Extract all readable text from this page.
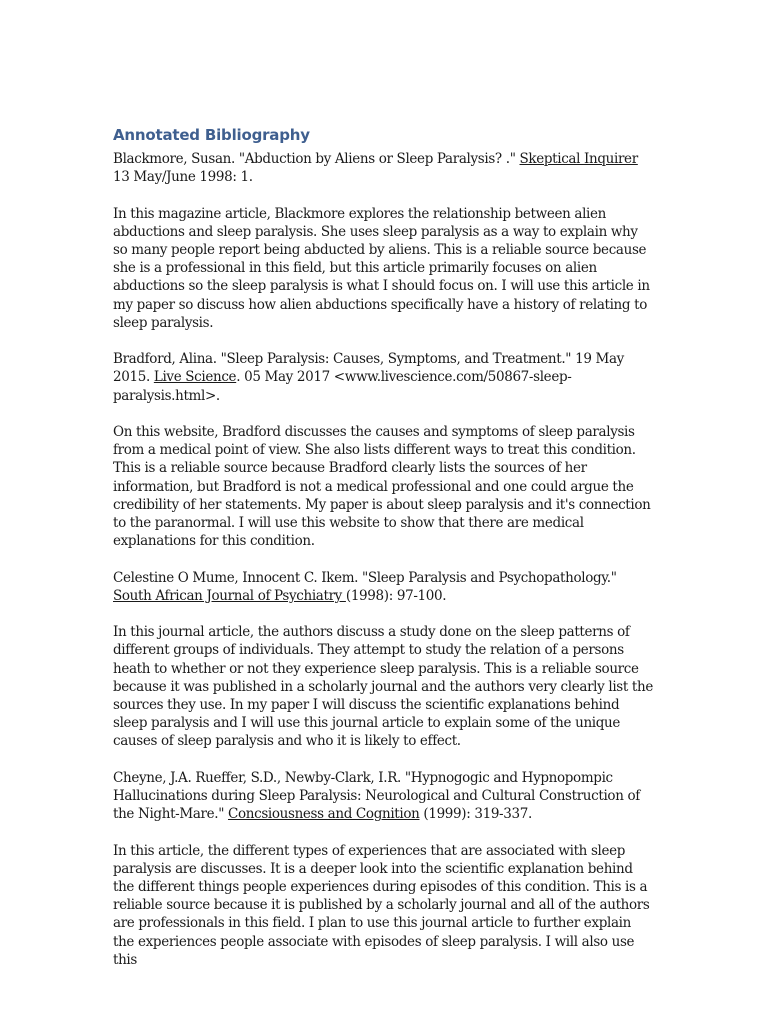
Annotated Bibliography
Blackmore, Susan. "Abduction by Aliens or Sleep Paralysis? ." Skeptical Inquirer 13 May/June 1998: 1.
In this magazine article, Blackmore explores the relationship between alien abductions and sleep paralysis. She uses sleep paralysis as a way to explain why so many people report being abducted by aliens. This is a reliable source because she is a professional in this field, but this article primarily focuses on alien abductions so the sleep paralysis is what I should focus on. I will use this article in my paper so discuss how alien abductions specifically have a history of relating to sleep paralysis.
Bradford, Alina. "Sleep Paralysis: Causes, Symptoms, and Treatment." 19 May 2015. Live Science. 05 May 2017 <www.livescience.com/50867-sleep-paralysis.html>.
On this website, Bradford discusses the causes and symptoms of sleep paralysis from a medical point of view. She also lists different ways to treat this condition. This is a reliable source because Bradford clearly lists the sources of her information, but Bradford is not a medical professional and one could argue the credibility of her statements. My paper is about sleep paralysis and it's connection to the paranormal. I will use this website to show that there are medical explanations for this condition.
Celestine O Mume, Innocent C. Ikem. "Sleep Paralysis and Psychopathology." South African Journal of Psychiatry (1998): 97-100.
In this journal article, the authors discuss a study done on the sleep patterns of different groups of individuals. They attempt to study the relation of a persons heath to whether or not they experience sleep paralysis. This is a reliable source because it was published in a scholarly journal and the authors very clearly list the sources they use. In my paper I will discuss the scientific explanations behind sleep paralysis and I will use this journal article to explain some of the unique causes of sleep paralysis and who it is likely to effect.
Cheyne, J.A. Rueffer, S.D., Newby-Clark, I.R. "Hypnogogic and Hypnopompic Hallucinations during Sleep Paralysis: Neurological and Cultural Construction of the Night-Mare." Concsiousness and Cognition (1999): 319-337.
In this article, the different types of experiences that are associated with sleep paralysis are discusses. It is a deeper look into the scientific explanation behind the different things people experiences during episodes of this condition. This is a reliable source because it is published by a scholarly journal and all of the authors are professionals in this field. I plan to use this journal article to further explain the experiences people associate with episodes of sleep paralysis. I will also use this
